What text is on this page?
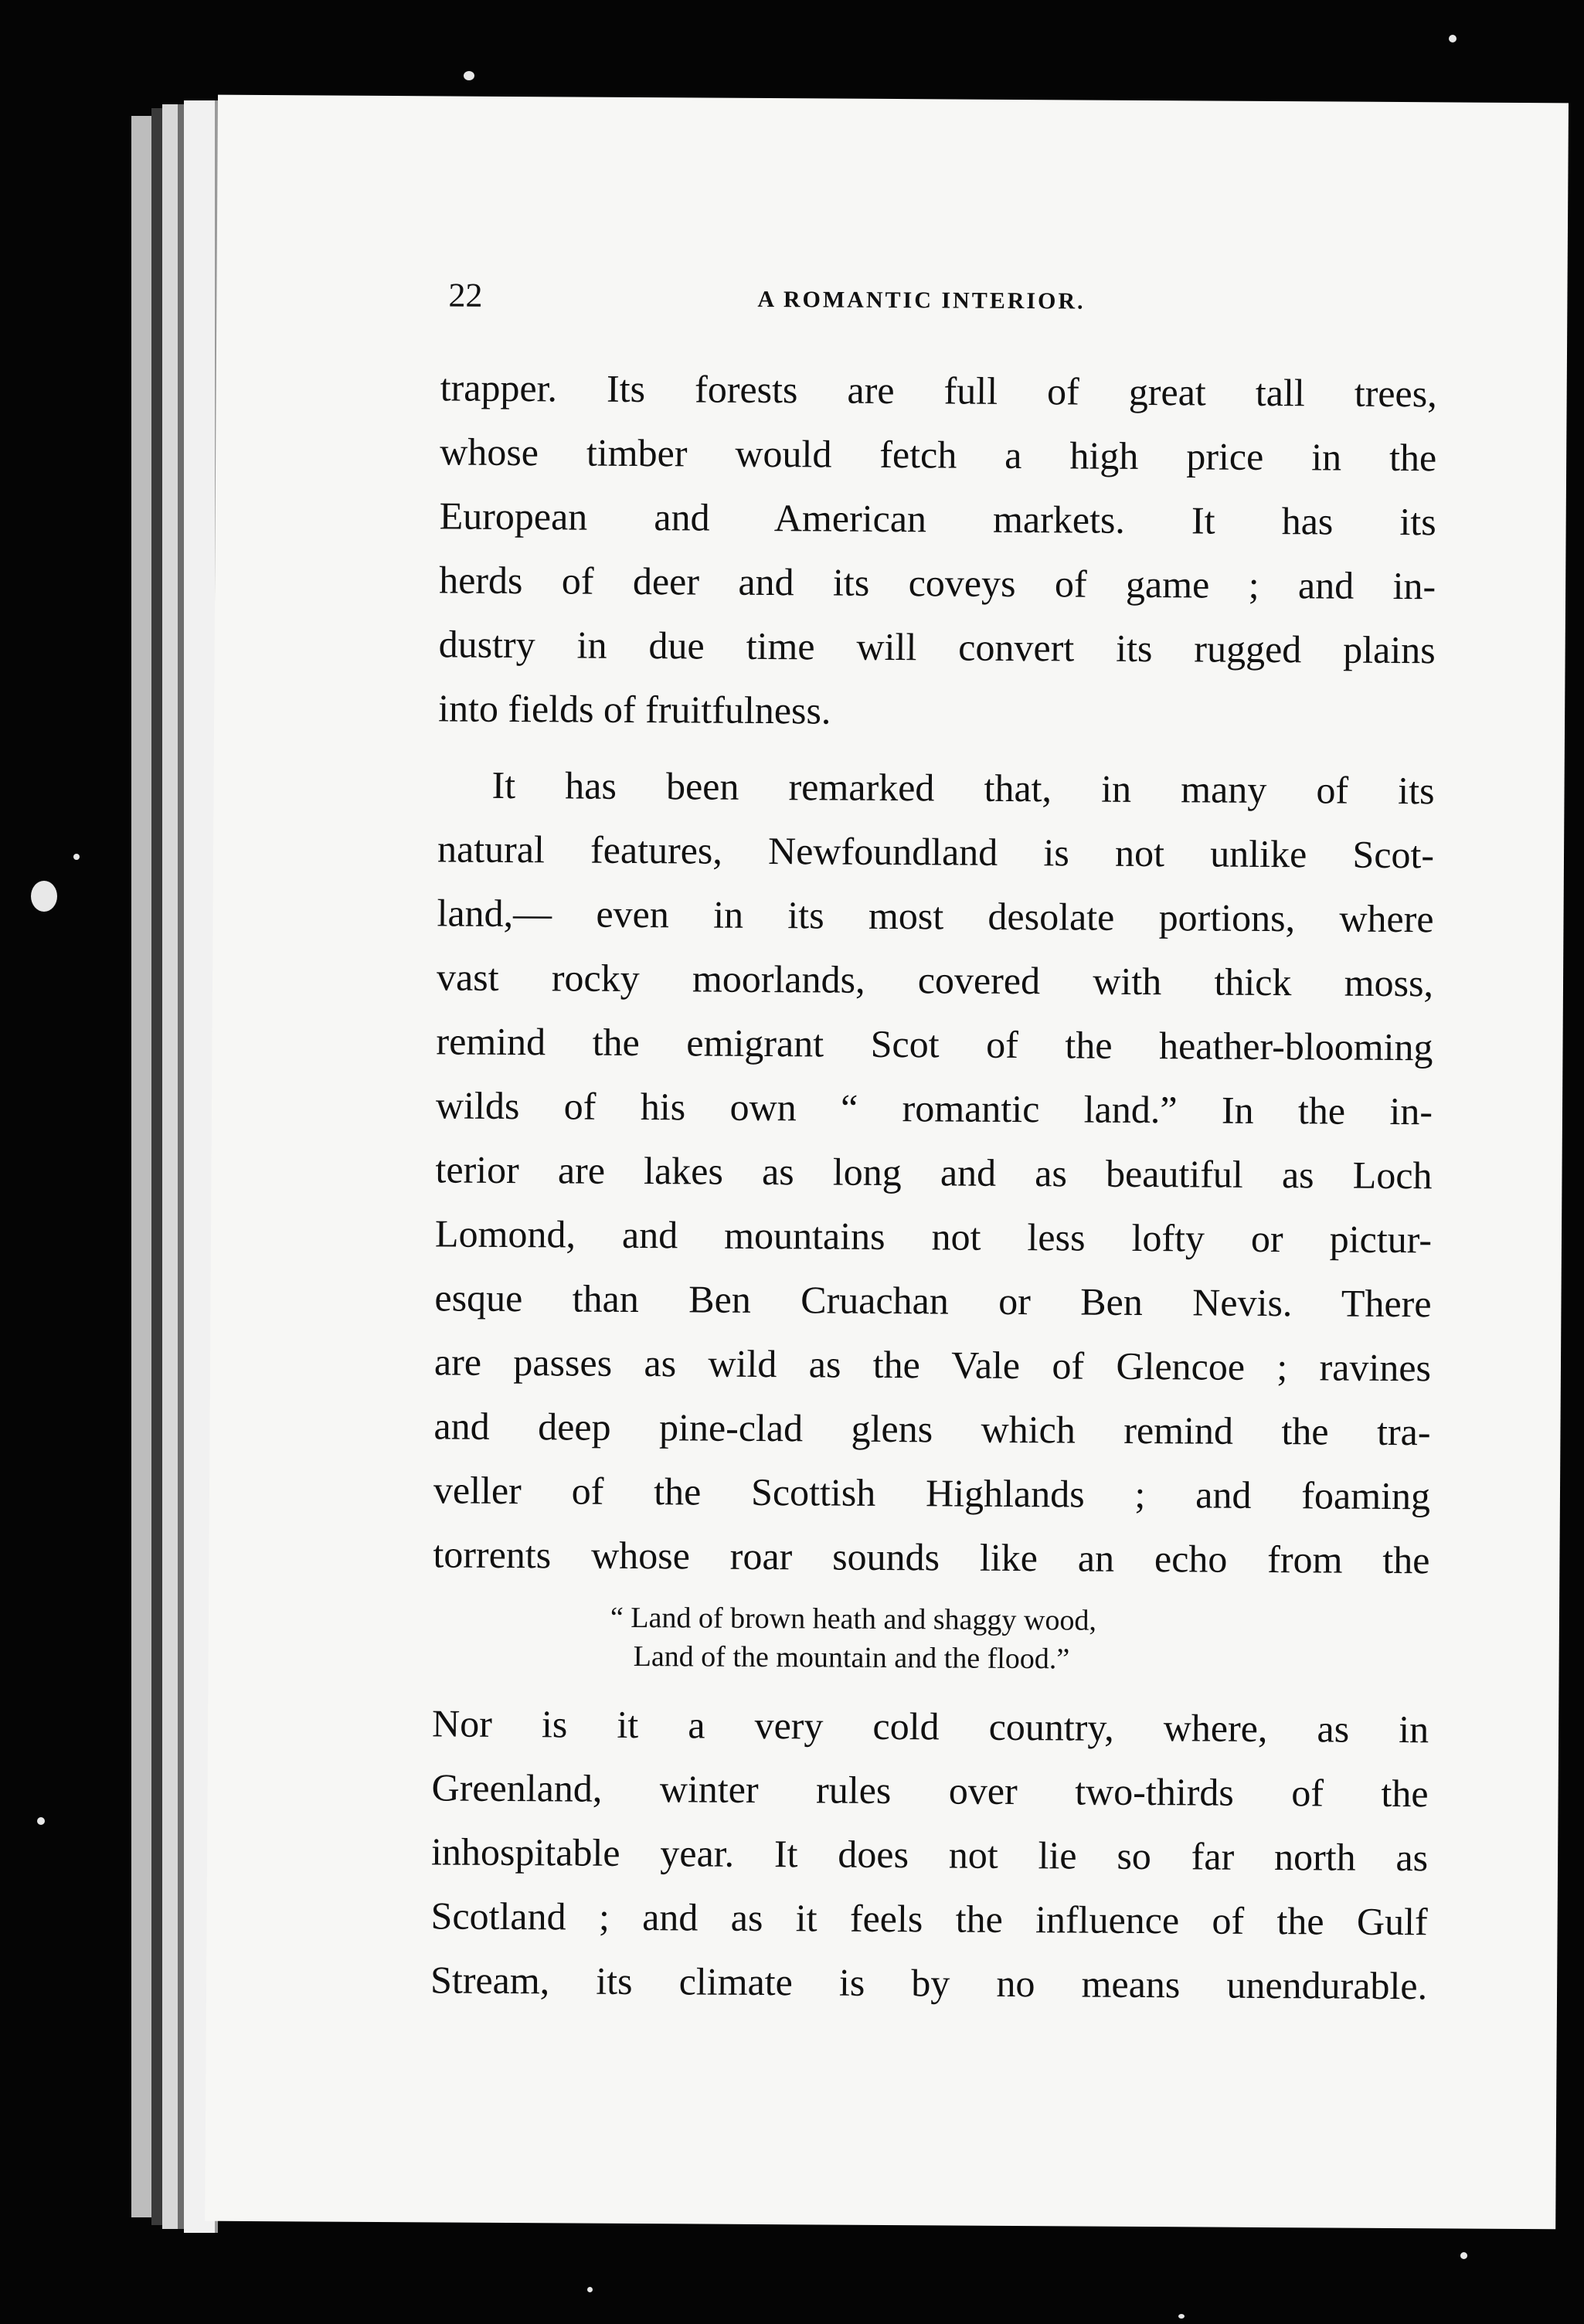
22	A ROMANTIC INTERIOR.
trapper. Its forests are full of great tall trees,
whose timber would fetch a high price in the
European and American markets. It has its
herds of deer and its coveys of game ; and in-
dustry in due time will convert its rugged plains
into fields of fruitfulness.
It has been remarked that, in many of its
natural features, Newfoundland is not unlike Scot-
land,— even in its most desolate portions, where
vast rocky moorlands, covered with thick moss,
remind the emigrant Scot of the heather-blooming
wilds of his own “ romantic land.” In the in-
terior are lakes as long and as beautiful as Loch
Lomond, and mountains not less lofty or pictur-
esque than Ben Cruachan or Ben Nevis. There
are passes as wild as the Vale of Glencoe ; ravines
and deep pine-clad glens which remind the tra-
veller of the Scottish Highlands ; and foaming
torrents whose roar sounds like an echo from the
“ Land of brown heath and shaggy wood,
Land of the mountain and the flood.”
Nor is it a very cold country, where, as in
Greenland, winter rules over two-thirds of the
inhospitable year. It does not lie so far north as
Scotland ; and as it feels the influence of the Gulf
Stream, its climate is by no means unendurable.
